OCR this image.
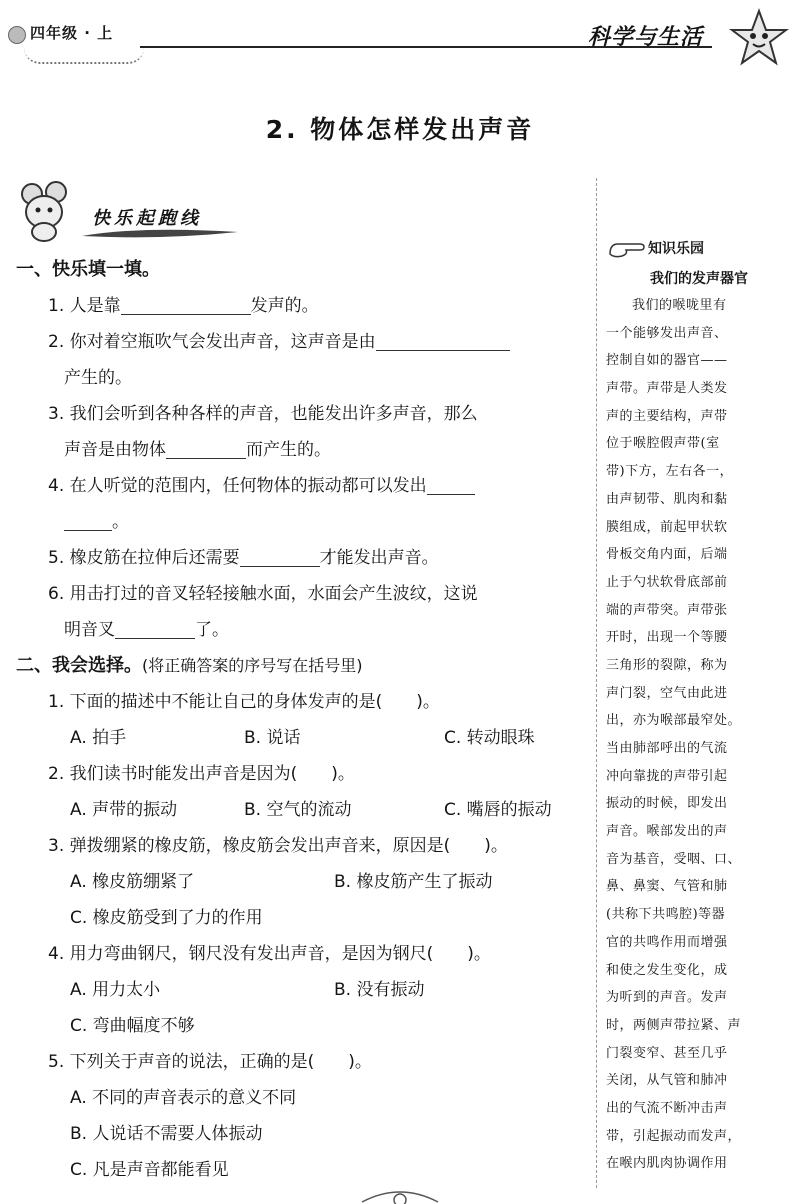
四年级 · 上	科学与生活
2. 物体怎样发出声音
快乐起跑线
一、快乐填一填。
1. 人是靠	发声的。
2. 你对着空瓶吹气会发出声音，这声音是由
产生的。
3. 我们会听到各种各样的声音，也能发出许多声音，那么
声音是由物体	而产生的。
4. 在人听觉的范围内，任何物体的振动都可以发出
。
5. 橡皮筋在拉伸后还需要	才能发出声音。
6. 用击打过的音叉轻轻接触水面，水面会产生波纹，这说
明音叉	了。
二、我会选择。(将正确答案的序号写在括号里)
1. 下面的描述中不能让自己的身体发声的是(　　)。
A. 拍手	B. 说话	C. 转动眼珠
2. 我们读书时能发出声音是因为(　　)。
A. 声带的振动	B. 空气的流动	C. 嘴唇的振动
3. 弹拨绷紧的橡皮筋，橡皮筋会发出声音来，原因是(　　)。
A. 橡皮筋绷紧了	B. 橡皮筋产生了振动
C. 橡皮筋受到了力的作用
4. 用力弯曲钢尺，钢尺没有发出声音，是因为钢尺(　　)。
A. 用力太小	B. 没有振动
C. 弯曲幅度不够
5. 下列关于声音的说法，正确的是(　　)。
A. 不同的声音表示的意义不同
B. 人说话不需要人体振动
C. 凡是声音都能看见
知识乐园
我们的发声器官
我们的喉咙里有
一个能够发出声音、
控制自如的器官——
声带。声带是人类发
声的主要结构，声带
位于喉腔假声带(室
带)下方，左右各一，
由声韧带、肌肉和黏
膜组成，前起甲状软
骨板交角内面，后端
止于勺状软骨底部前
端的声带突。声带张
开时，出现一个等腰
三角形的裂隙，称为
声门裂，空气由此进
出，亦为喉部最窄处。
当由肺部呼出的气流
冲向靠拢的声带引起
振动的时候，即发出
声音。喉部发出的声
音为基音，受咽、口、
鼻、鼻窦、气管和肺
(共称下共鸣腔)等器
官的共鸣作用而增强
和使之发生变化，成
为听到的声音。发声
时，两侧声带拉紧、声
门裂变窄、甚至几乎
关闭，从气管和肺冲
出的气流不断冲击声
带，引起振动而发声，
在喉内肌肉协调作用
